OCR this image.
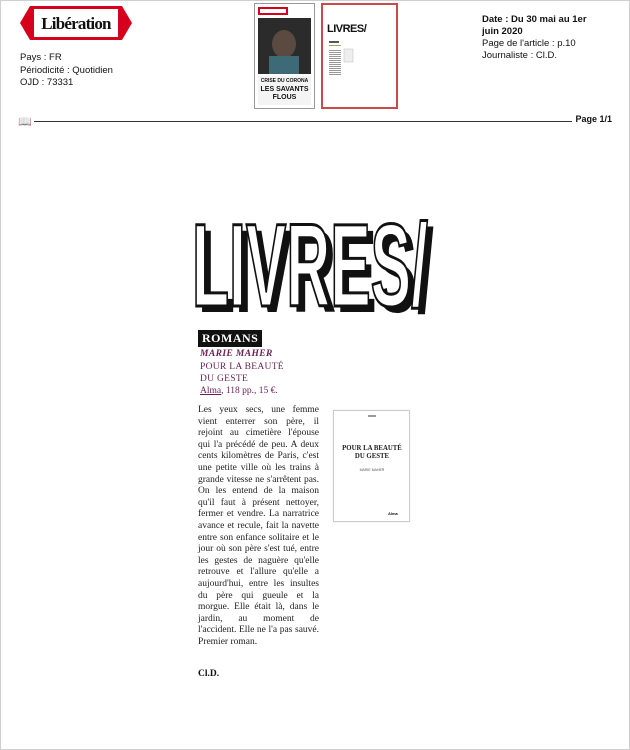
Libération
Pays : FR
Périodicité : Quotidien
OJD : 73331	CRISE DU CORONA
LES SAVANTS FLOUS
LIVRES/
Date : Du 30 mai au 1er juin 2020
Page de l'article : p.10
Journaliste : Cl.D.
📖	Page 1/1
LIVRES/
LIVRES/
ROMANS
MARIE MAHER
POUR LA BEAUTÉ
DU GESTE
Alma, 118 pp., 15 €.
Les yeux secs, une femme vient enterrer son père, il rejoint au cimetière l'épouse qui l'a précédé de peu. A deux cents kilomètres de Paris, c'est une petite ville où les trains à grande vitesse ne s'arrêtent pas. On les entend de la maison qu'il faut à présent nettoyer, fermer et vendre. La narratrice avance et recule, fait la navette entre son enfance solitaire et le jour où son père s'est tué, entre les gestes de naguère qu'elle retrouve et l'allure qu'elle a aujourd'hui, entre les insultes du père qui gueule et la morgue. Elle était là, dans le jardin, au moment de l'accident. Elle ne l'a pas sauvé. Premier roman.
Cl.D.
POUR LA BEAUTÉ
DU GESTE
MARIE MAHER
Alma
